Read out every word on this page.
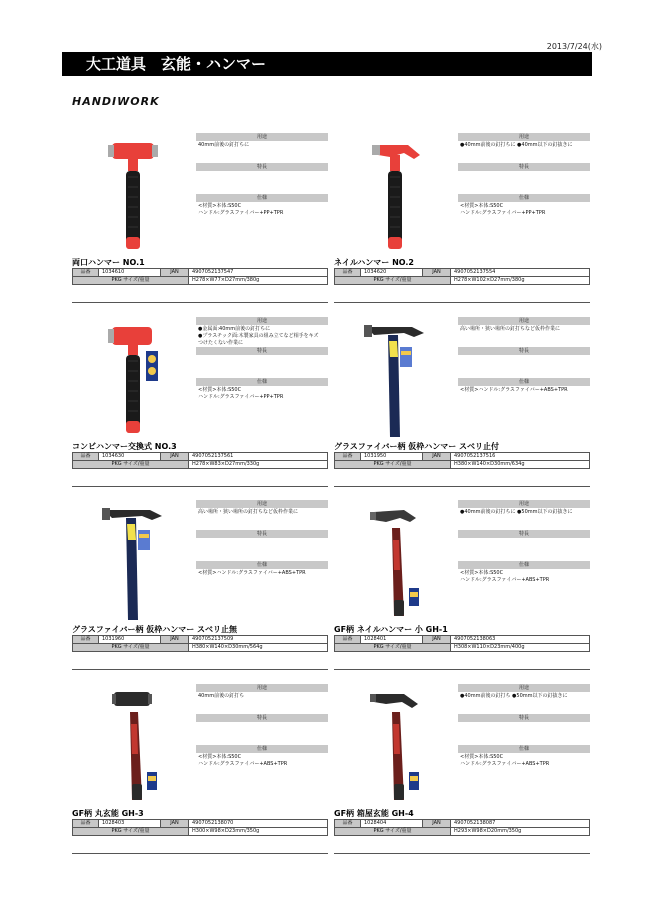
2013/7/24(水)
大工道具　玄能・ハンマー
HANDIWORK
用途
40mm前後の釘打ちに
特長
仕様
<材質>本体:S50C
ハンドル:グラスファイバー+PP+TPR
両口ハンマー NO.1
品番	1034610	JAN	4907052137547
PKG サイズ/重量			H278×W77×D27mm/380g
用途
●40mm前後の釘打ちに ●40mm以下の釘抜きに
特長
仕様
<材質>本体:S50C
ハンドル:グラスファイバー+PP+TPR
ネイルハンマー NO.2
品番	1034620	JAN	4907052137554
PKG サイズ/重量			H278×W102×D27mm/380g
用途
●金属面:40mm前後の釘打ちに
●プラスチック面:木製家具の組み立てなど相手をキズ
つけたくない作業に
特長
仕様
<材質>本体:S50C
ハンドル:グラスファイバー+PP+TPR
コンビハンマー交換式 NO.3
品番	1034630	JAN	4907052137561
PKG サイズ/重量			H278×W83×D27mm/330g
用途
高い場所・狭い場所の釘打ちなど仮枠作業に
特長
仕様
<材質>ハンドル:グラスファイバー+ABS+TPR
グラスファイバー柄 仮枠ハンマー スベリ止付
品番	1031950	JAN	4907052137516
PKG サイズ/重量			H380×W140×D30mm/634g
用途
高い場所・狭い場所の釘打ちなど仮枠作業に
特長
仕様
<材質>ハンドル:グラスファイバー+ABS+TPR
グラスファイバー柄 仮枠ハンマー スベリ止無
品番	1031960	JAN	4907052137509
PKG サイズ/重量			H380×W140×D30mm/564g
用途
●40mm前後の釘打ちに ●50mm以下の釘抜きに
特長
仕様
<材質>本体:S50C
ハンドル:グラスファイバー+ABS+TPR
GF柄 ネイルハンマー 小 GH-1
品番	1028401	JAN	4907052138063
PKG サイズ/重量			H308×W110×D23mm/400g
用途
40mm前後の釘打ち
特長
仕様
<材質>本体:S50C
ハンドル:グラスファイバー+ABS+TPR
GF柄 丸玄能 GH-3
品番	1028403	JAN	4907052138070
PKG サイズ/重量			H300×W98×D23mm/350g
用途
●40mm前後の釘打ち ●50mm以下の釘抜きに
特長
仕様
<材質>本体:S50C
ハンドル:グラスファイバー+ABS+TPR
GF柄 箱屋玄能 GH-4
品番	1028404	JAN	4907052138087
PKG サイズ/重量			H293×W98×D20mm/350g
